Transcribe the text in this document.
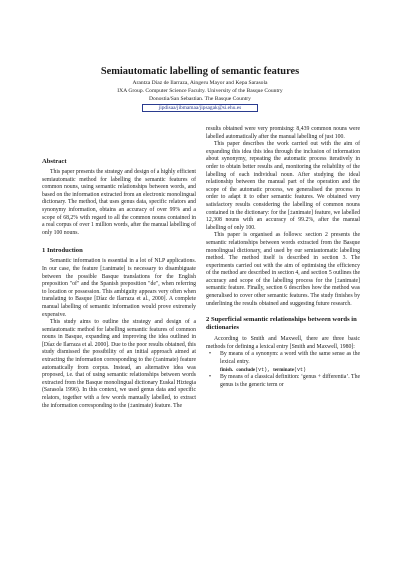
Semiautomatic labelling of semantic features
Arantza Díaz de Ilarraza, Aingeru Mayor and Kepa Sarasola
IXA Group. Computer Science Faculty. University of the Basque Country
Donostia/San Sebastian. The Basque Country
jipdisaa/jibmamaa/jipsagak@si.ehu.es

Abstract

This paper presents the strategy and design of a highly efficient semiautomatic method for labelling the semantic features of common nouns, using semantic relationships between words, and based on the information extracted from an electronic monolingual dictionary. The method, that uses genus data, specific relators and synonymy information, obtains an accuracy of over 99% and a scope of 68,2% with regard to all the common nouns contained in a real corpus of over 1 million words, after the manual labelling of only 100 nouns.

1 Introduction

Semantic information is essential in a lot of NLP applications. In our case, the feature [±animate] is necessary to disambiguate between the possible Basque translations for the English preposition "of" and the Spanish preposition "de", when referring to location or possession. This ambiguity appears very often when translating to Basque [Díaz de Ilarraza et al., 2000]. A complete manual labelling of semantic information would prove extremely expensive.

This study aims to outline the strategy and design of a semiautomatic method for labelling semantic features of common nouns in Basque, expanding and improving the idea outlined in [Díaz de Ilarraza et al. 2000]. Due to the poor results obtained, this study dismissed the possibility of an initial approach aimed at extracting the information corresponding to the (±animate) feature automatically from corpus. Instead, an alternative idea was proposed, i.e. that of using semantic relationships between words extracted from the Basque monolingual dictionary Euskal Hiztegia (Sarasola 1996). In this context, we used genus data and specific relators, together with a few words manually labelled, to extract the information corresponding to the (±animate) feature. The

results obtained were very promising: 8,439 common nouns were labelled automatically after the manual labelling of just 100.

This paper describes the work carried out with the aim of expanding this idea this idea through the inclusion of information about synonymy, repeating the automatic process iteratively in order to obtain better results and, monitoring the reliability of the labelling of each individual noun. After studying the ideal relationship between the manual part of the operation and the scope of the automatic process, we generalised the process in order to adapt it to other semantic features. We obtained very satisfactory results considering the labelling of common nouns contained in the dictionary: for the [±animate] feature, we labelled 12,308 nouns with an accuracy of 99.2%, after the manual labelling of only 100.

This paper is organised as follows: section 2 presents the semantic relationships between words extracted from the Basque monolingual dictionary, and used by our semiautomatic labelling method. The method itself is described in section 3. The experiments carried out with the aim of optimising the efficiency of the method are described in section 4, and section 5 outlines the accuracy and scope of the labelling process for the [±animate] semantic feature. Finally, section 6 describes how the method was generalised to cover other semantic features. The study finishes by underlining the results obtained and suggesting future research.

2 Superficial semantic relationships between words in dictionaries

According to Smith and Maxwell, there are three basic methods for defining a lexical entry [Smith and Maxwell, 1980]:

• By means of a synonym: a word with the same sense as the lexical entry.
finish. conclude(vt), terminate(vt)
• By means of a classical definition: ‘genus + differentia’. The genus is the generic term or
